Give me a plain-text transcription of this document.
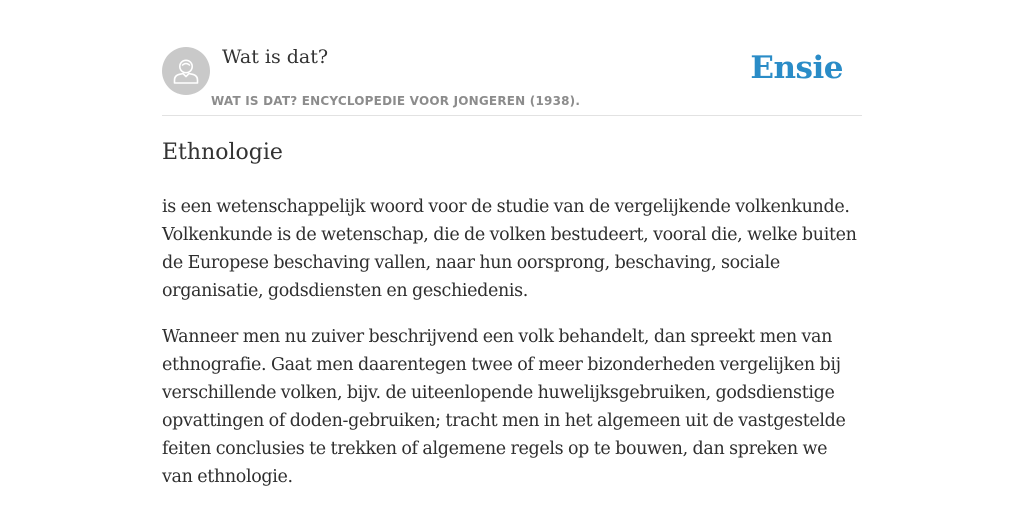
Wat is dat?
WAT IS DAT? ENCYCLOPEDIE VOOR JONGEREN (1938).
Ensie
Ethnologie

is een wetenschappelijk woord voor de studie van de vergelijkende volkenkunde. Volkenkunde is de wetenschap, die de volken bestudeert, vooral die, welke buiten de Europese beschaving vallen, naar hun oorsprong, beschaving, sociale organisatie, godsdiensten en geschiedenis.

Wanneer men nu zuiver beschrijvend een volk behandelt, dan spreekt men van ethnografie. Gaat men daarentegen twee of meer bizonderheden vergelijken bij verschillende volken, bijv. de uiteenlopende huwelijksgebruiken, godsdienstige opvattingen of doden-gebruiken; tracht men in het algemeen uit de vastgestelde feiten conclusies te trekken of algemene regels op te bouwen, dan spreken we van ethnologie.
